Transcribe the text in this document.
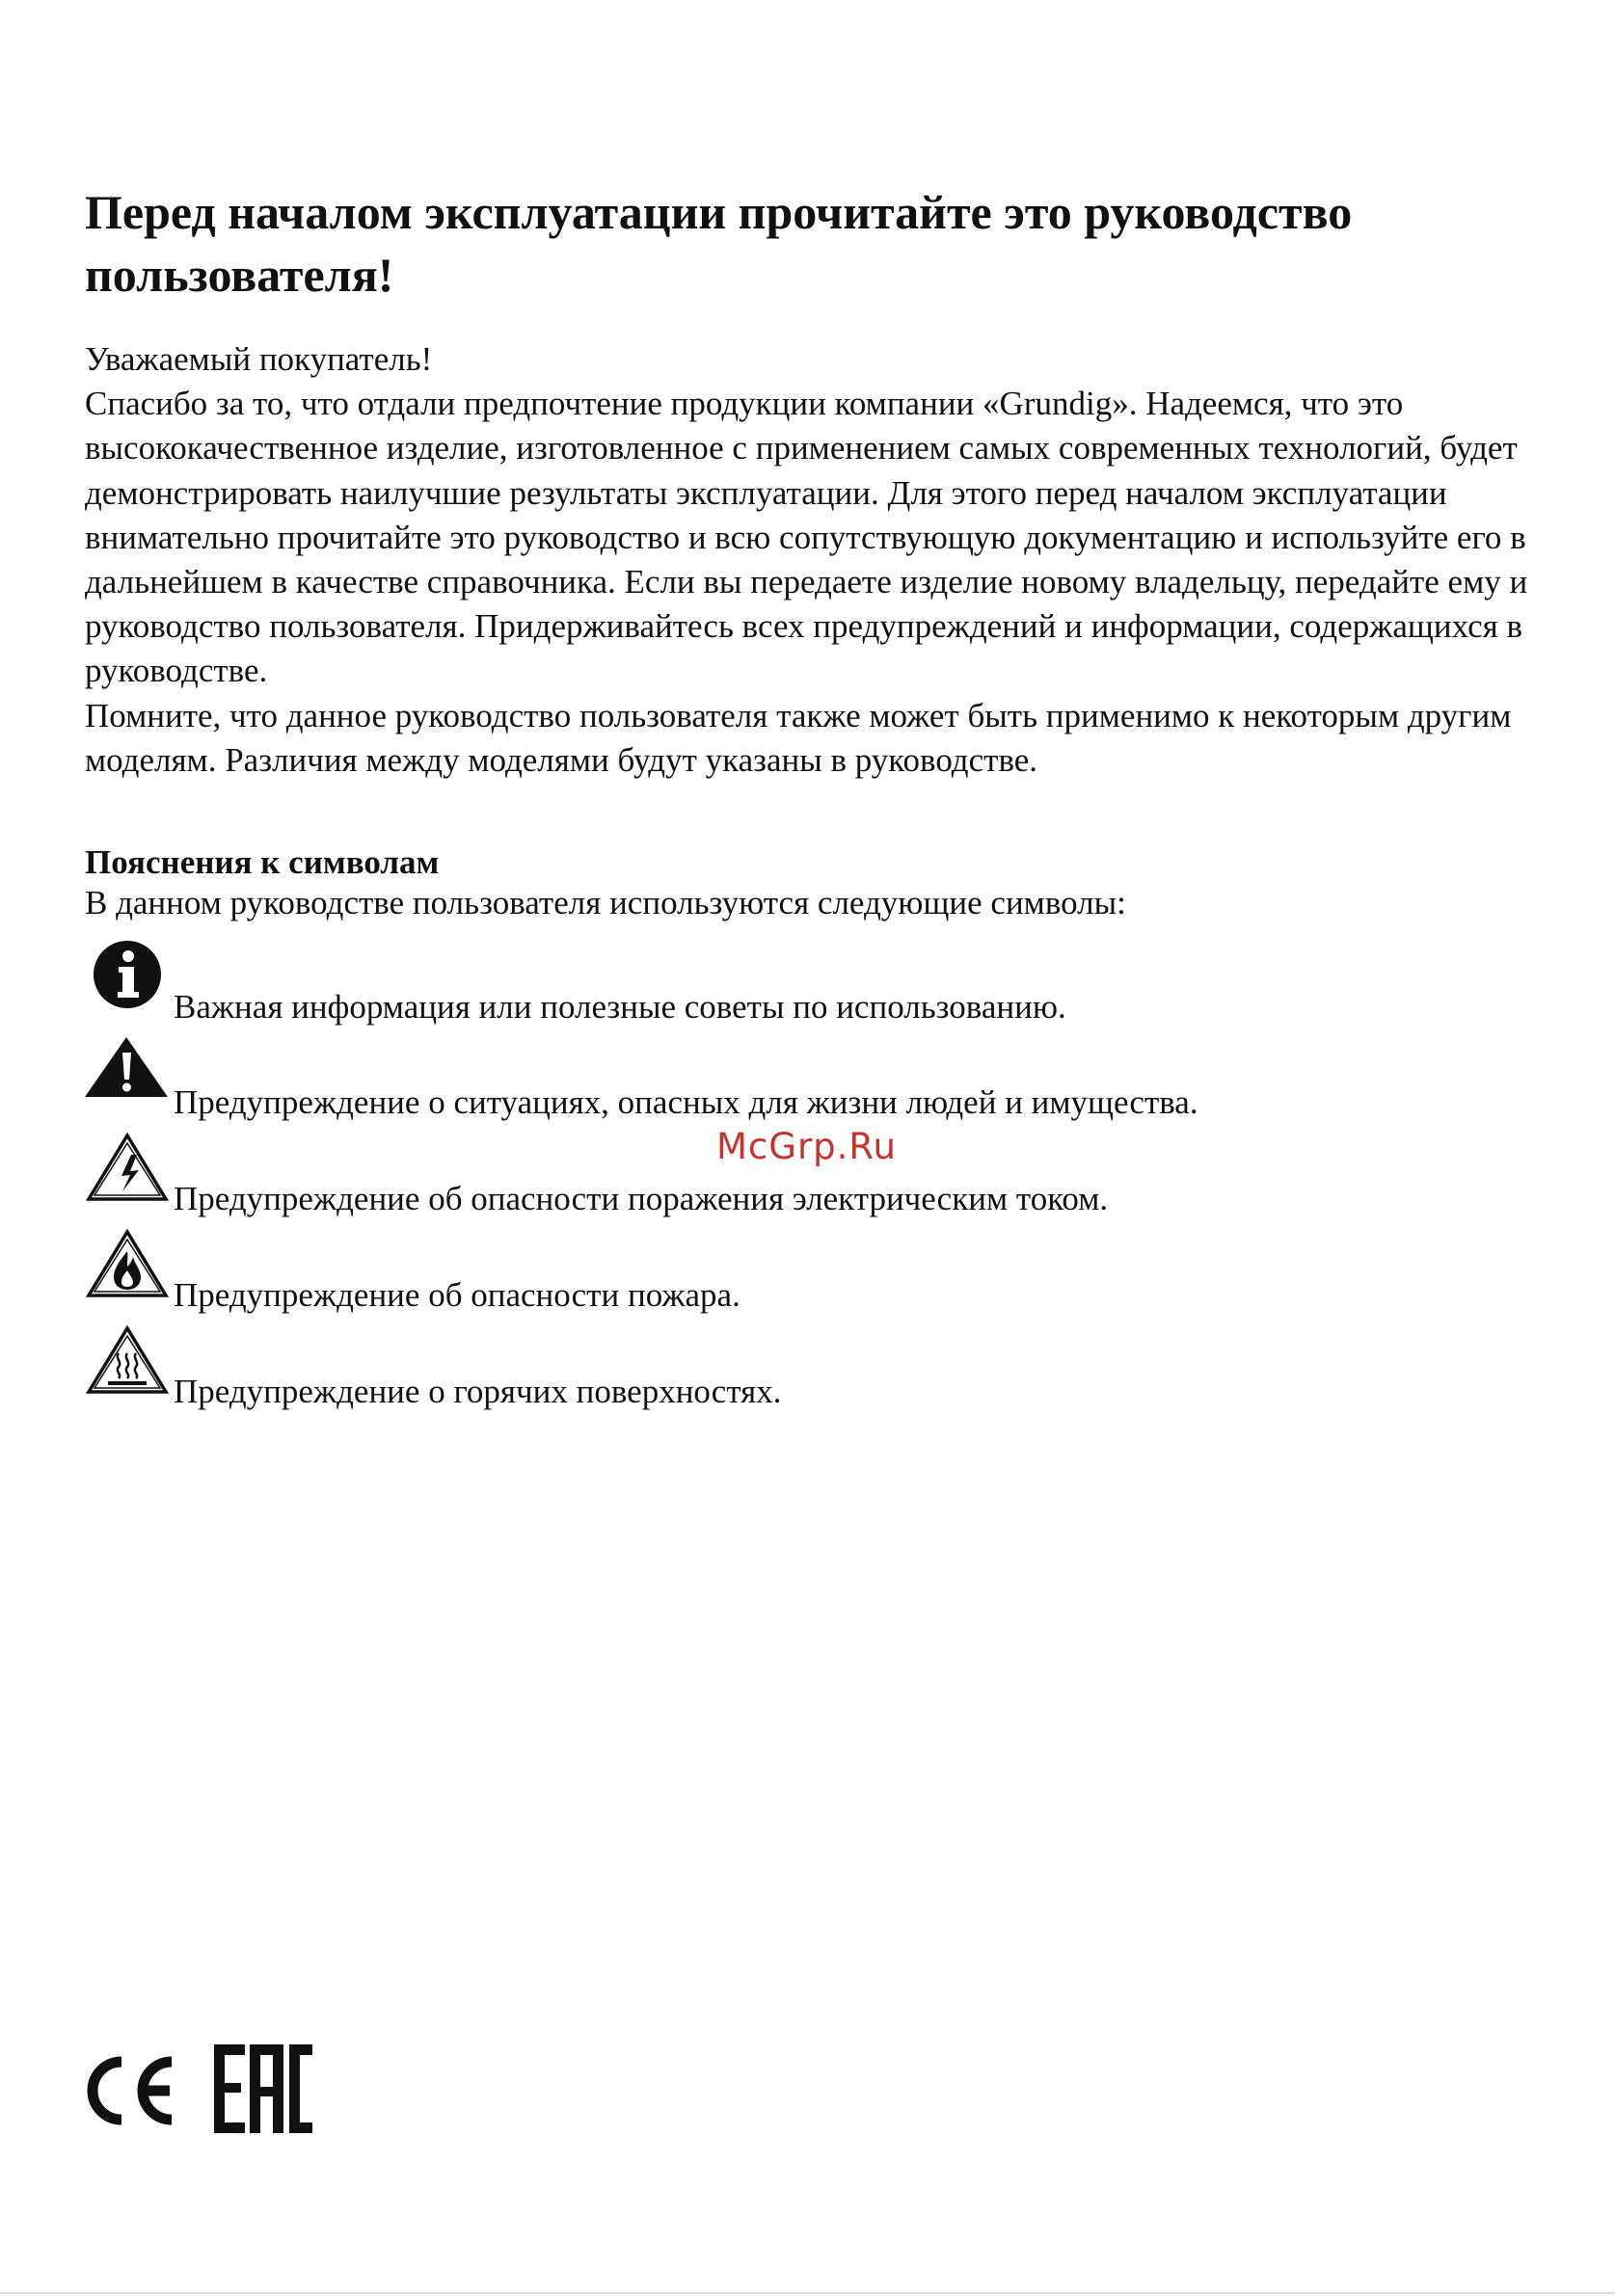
Перед началом эксплуатации прочитайте это руководство пользователя!

Уважаемый покупатель!

Спасибо за то, что отдали предпочтение продукции компании «Grundig». Надеемся, что это высококачественное изделие, изготовленное с применением самых современных технологий, будет демонстрировать наилучшие результаты эксплуатации. Для этого перед началом эксплуатации внимательно прочитайте это руководство и всю сопутствующую документацию и используйте его в дальнейшем в качестве справочника. Если вы передаете изделие новому владельцу, передайте ему и руководство пользователя. Придерживайтесь всех предупреждений и информации, содержащихся в руководстве.

Помните, что данное руководство пользователя также может быть применимо к некоторым другим моделям. Различия между моделями будут указаны в руководстве.

Пояснения к символам

В данном руководстве пользователя используются следующие символы:

Важная информация или полезные советы по использованию.
Предупреждение о ситуациях, опасных для жизни людей и имущества.
Предупреждение об опасности поражения электрическим током.
Предупреждение об опасности пожара.
Предупреждение о горячих поверхностях.
McGrp.Ru
